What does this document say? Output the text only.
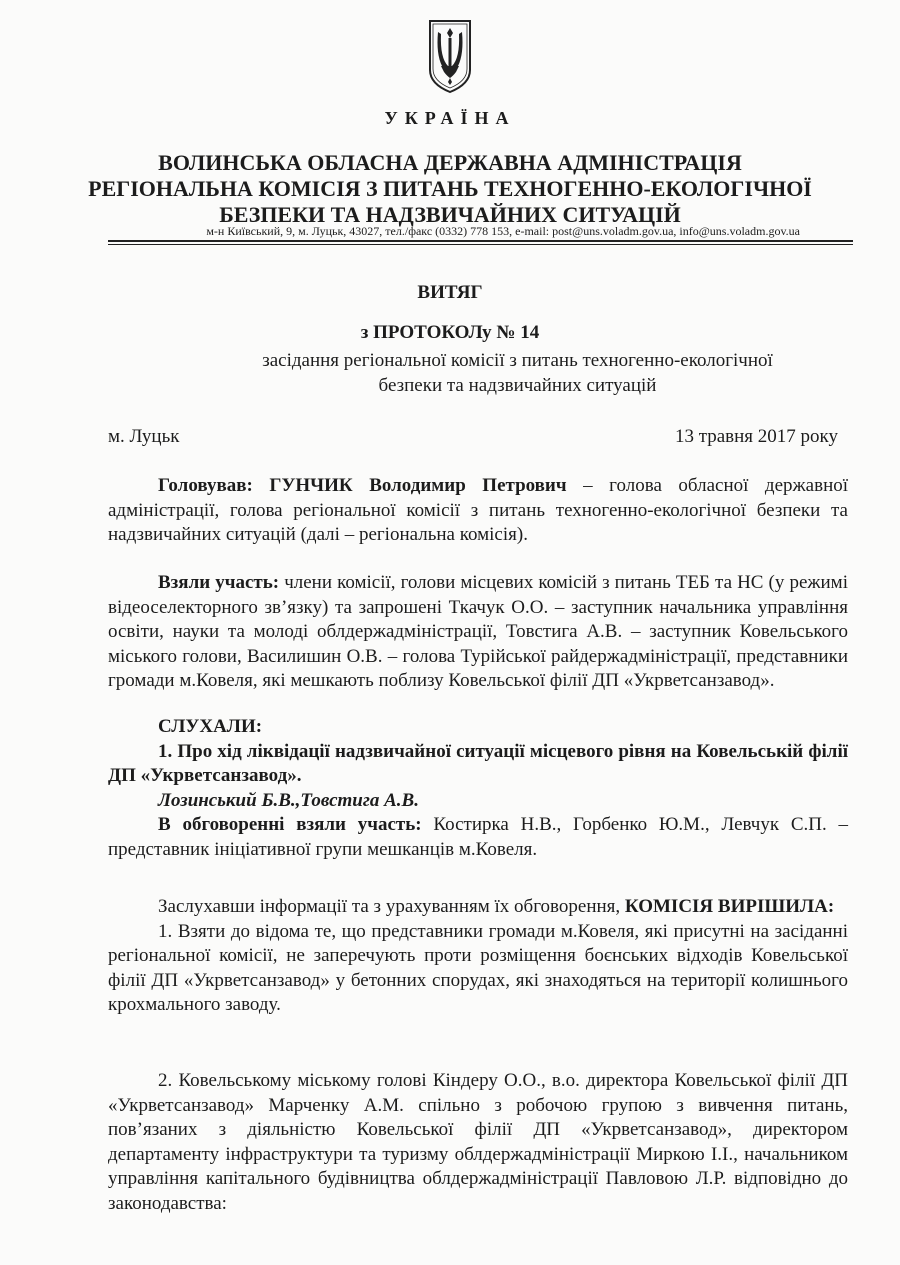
УКРАЇНА
ВОЛИНСЬКА ОБЛАСНА ДЕРЖАВНА АДМІНІСТРАЦІЯ
РЕГІОНАЛЬНА КОМІСІЯ З ПИТАНЬ ТЕХНОГЕННО-ЕКОЛОГІЧНОЇ
БЕЗПЕКИ ТА НАДЗВИЧАЙНИХ СИТУАЦІЙ
м-н Київський, 9, м. Луцьк, 43027, тел./факс (0332) 778 153, e-mail: post@uns.voladm.gov.ua, info@uns.voladm.gov.ua
ВИТЯГ
з ПРОТОКОЛу № 14
засідання регіональної комісії з питань техногенно-екологічної
безпеки та надзвичайних ситуацій
м. Луцьк	13 травня 2017 року

Головував: ГУНЧИК Володимир Петрович – голова обласної державної адміністрації, голова регіональної комісії з питань техногенно-екологічної безпеки та надзвичайних ситуацій (далі – регіональна комісія).

Взяли участь: члени комісії, голови місцевих комісій з питань ТЕБ та НС (у режимі відеоселекторного зв’язку) та запрошені Ткачук О.О. – заступник начальника управління освіти, науки та молоді облдержадміністрації, Товстига А.В. – заступник Ковельського міського голови, Василишин О.В. – голова Турійської райдержадміністрації, представники громади м.Ковеля, які мешкають поблизу Ковельської філії ДП «Укрветсанзавод».

СЛУХАЛИ:

1. Про хід ліквідації надзвичайної ситуації місцевого рівня на Ковельській філії ДП «Укрветсанзавод».

Лозинський Б.В.,Товстига А.В.

В обговоренні взяли участь: Костирка Н.В., Горбенко Ю.М., Левчук С.П. – представник ініціативної групи мешканців м.Ковеля.

Заслухавши інформації та з урахуванням їх обговорення, КОМІСІЯ ВИРІШИЛА:

1. Взяти до відома те, що представники громади м.Ковеля, які присутні на засіданні регіональної комісії, не заперечують проти розміщення боєнських відходів Ковельської філії ДП «Укрветсанзавод» у бетонних спорудах, які знаходяться на території колишнього крохмального заводу.

2. Ковельському міському голові Кіндеру О.О., в.о. директора Ковельської філії ДП «Укрветсанзавод» Марченку А.М. спільно з робочою групою з вивчення питань, пов’язаних з діяльністю Ковельської філії ДП «Укрветсанзавод», директором департаменту інфраструктури та туризму облдержадміністрації Миркою І.І., начальником управління капітального будівництва облдержадміністрації Павловою Л.Р. відповідно до законодавства:
